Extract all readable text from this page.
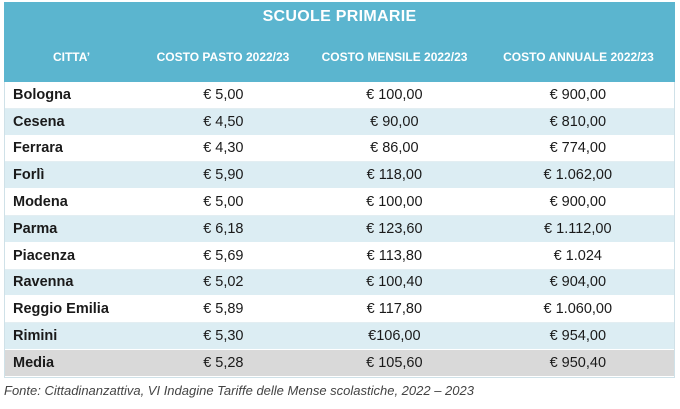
SCUOLE PRIMARIE
CITTA’	COSTO PASTO 2022/23	COSTO MENSILE 2022/23	COSTO ANNUALE 2022/23
Bologna	€ 5,00	€ 100,00	€ 900,00
Cesena	€ 4,50	€ 90,00	€ 810,00
Ferrara	€ 4,30	€ 86,00	€ 774,00
Forlì	€ 5,90	€ 118,00	€ 1.062,00
Modena	€ 5,00	€ 100,00	€ 900,00
Parma	€ 6,18	€ 123,60	€ 1.112,00
Piacenza	€ 5,69	€ 113,80	€ 1.024
Ravenna	€ 5,02	€ 100,40	€ 904,00
Reggio Emilia	€ 5,89	€ 117,80	€ 1.060,00
Rimini	€ 5,30	€106,00	€ 954,00
Media	€ 5,28	€ 105,60	€ 950,40
Fonte: Cittadinanzattiva, VI Indagine Tariffe delle Mense scolastiche, 2022 – 2023
